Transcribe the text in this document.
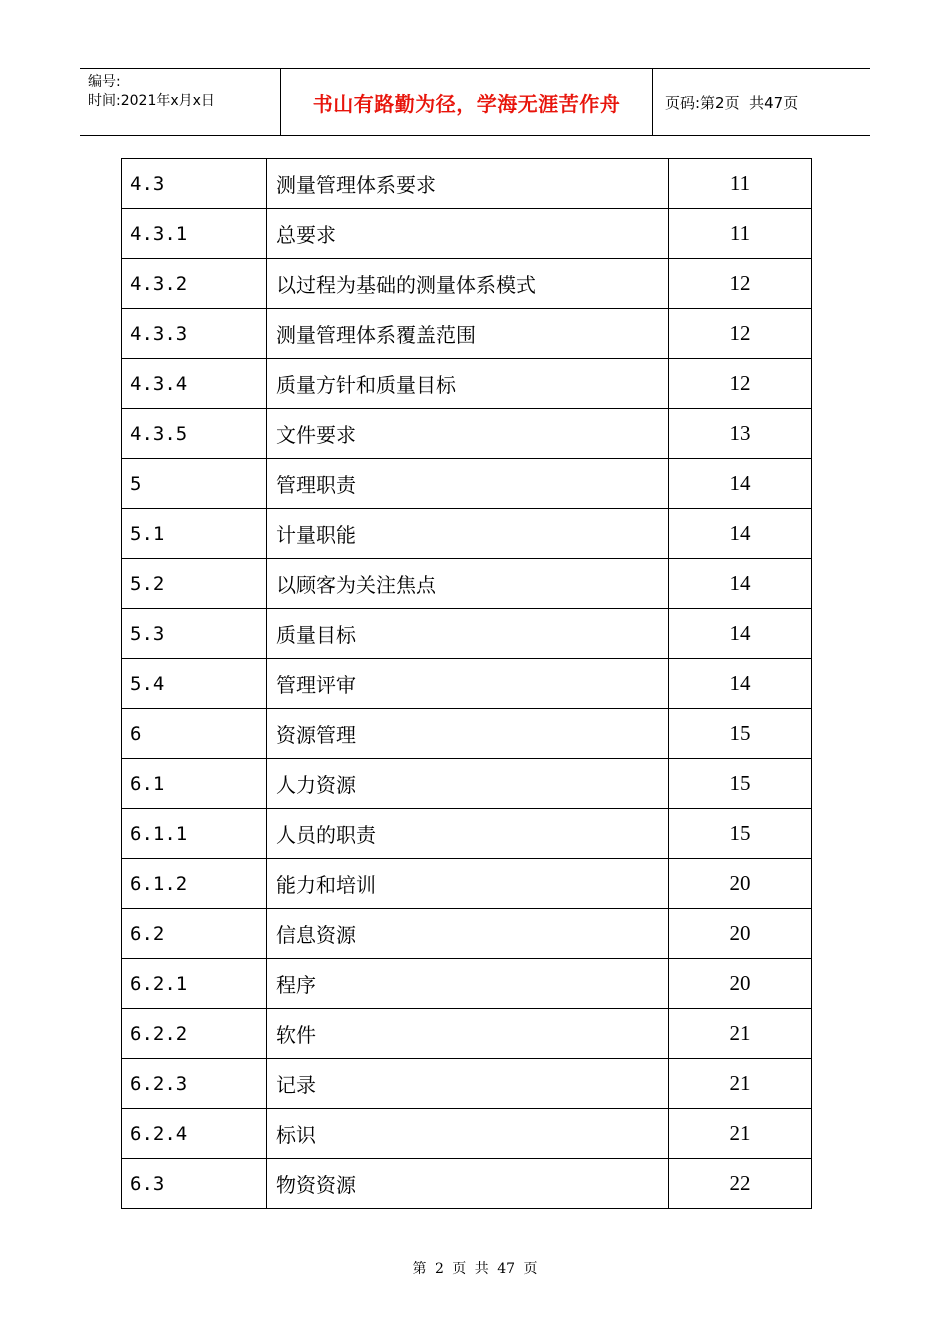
编号:
时间:2021年x月x日	书山有路勤为径，学海无涯苦作舟	页码:第2页  共47页
4.3	测量管理体系要求	11
4.3.1	总要求	11
4.3.2	以过程为基础的测量体系模式	12
4.3.3	测量管理体系覆盖范围	12
4.3.4	质量方针和质量目标	12
4.3.5	文件要求	13
5	管理职责	14
5.1	计量职能	14
5.2	以顾客为关注焦点	14
5.3	质量目标	14
5.4	管理评审	14
6	资源管理	15
6.1	人力资源	15
6.1.1	人员的职责	15
6.1.2	能力和培训	20
6.2	信息资源	20
6.2.1	程序	20
6.2.2	软件	21
6.2.3	记录	21
6.2.4	标识	21
6.3	物资资源	22
第 2 页 共 47 页
